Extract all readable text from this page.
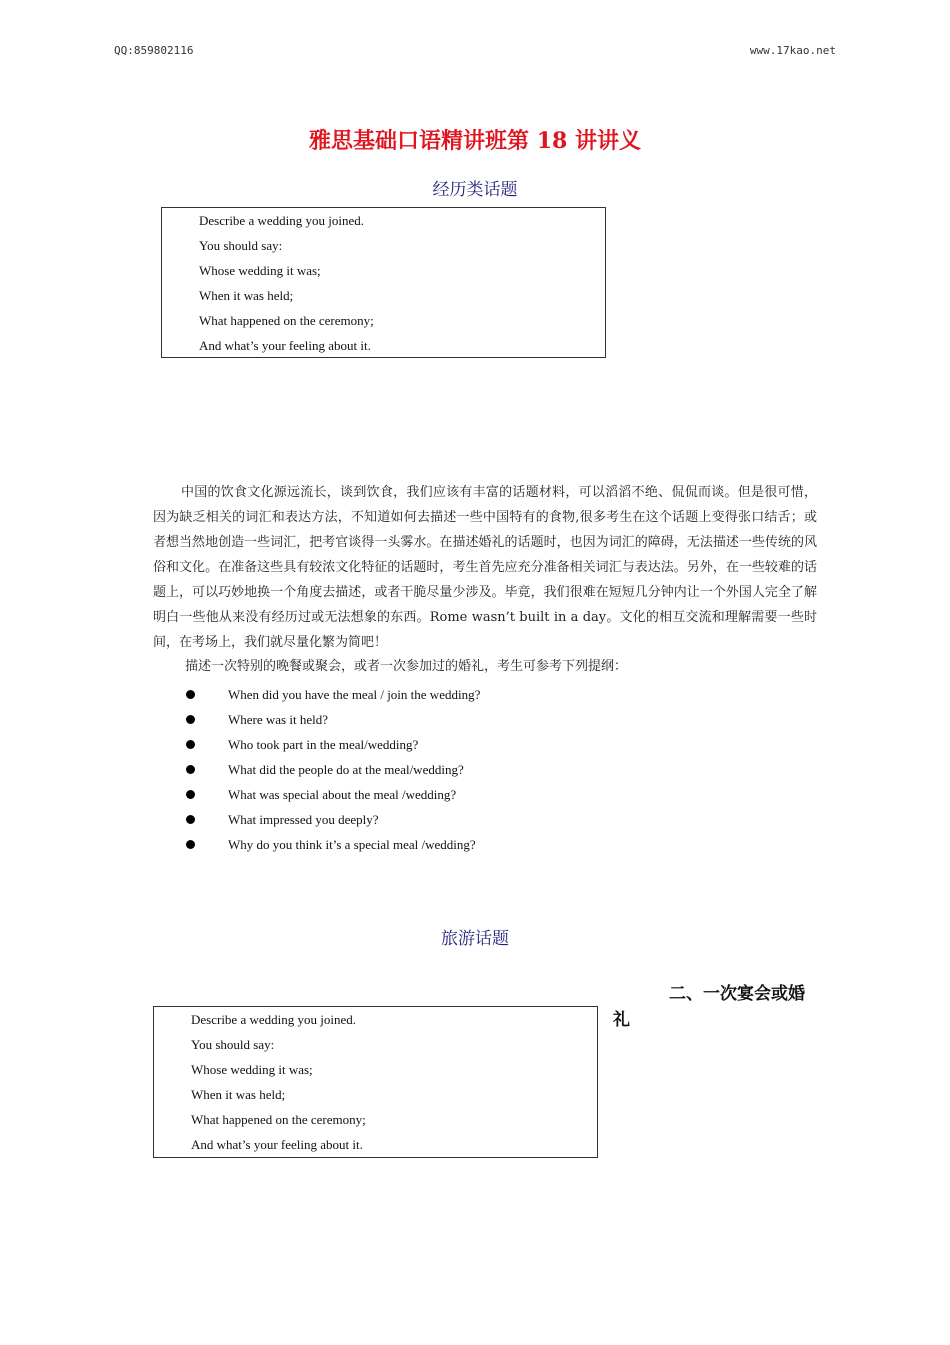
QQ:859802116	www.17kao.net
雅思基础口语精讲班第 18 讲讲义
经历类话题
Describe a wedding you joined.
You should say:
Whose wedding it was;
When it was held;
What happened on the ceremony;
And what’s your feeling about it.
中国的饮食文化源远流长，谈到饮食，我们应该有丰富的话题材料，可以滔滔不绝、侃侃而谈。但是很可惜，因为缺乏相关的词汇和表达方法，不知道如何去描述一些中国特有的食物,很多考生在这个话题上变得张口结舌；或者想当然地创造一些词汇，把考官谈得一头雾水。在描述婚礼的话题时，也因为词汇的障碍，无法描述一些传统的风俗和文化。在准备这些具有较浓文化特征的话题时，考生首先应充分准备相关词汇与表达法。另外，在一些较难的话题上，可以巧妙地换一个角度去描述，或者干脆尽量少涉及。毕竟，我们很难在短短几分钟内让一个外国人完全了解明白一些他从来没有经历过或无法想象的东西。Rome wasn’t built in a day。文化的相互交流和理解需要一些时间，在考场上，我们就尽量化繁为简吧！
描述一次特别的晚餐或聚会，或者一次参加过的婚礼，考生可参考下列提纲：
When did you have the meal / join the wedding?
Where was it held?
Who took part in the meal/wedding?
What did the people do at the meal/wedding?
What was special about the meal /wedding?
What impressed you deeply?
Why do you think it’s a special meal /wedding?
旅游话题
二、一次宴会或婚
礼
Describe a wedding you joined.
You should say:
Whose wedding it was;
When it was held;
What happened on the ceremony;
And what’s your feeling about it.
